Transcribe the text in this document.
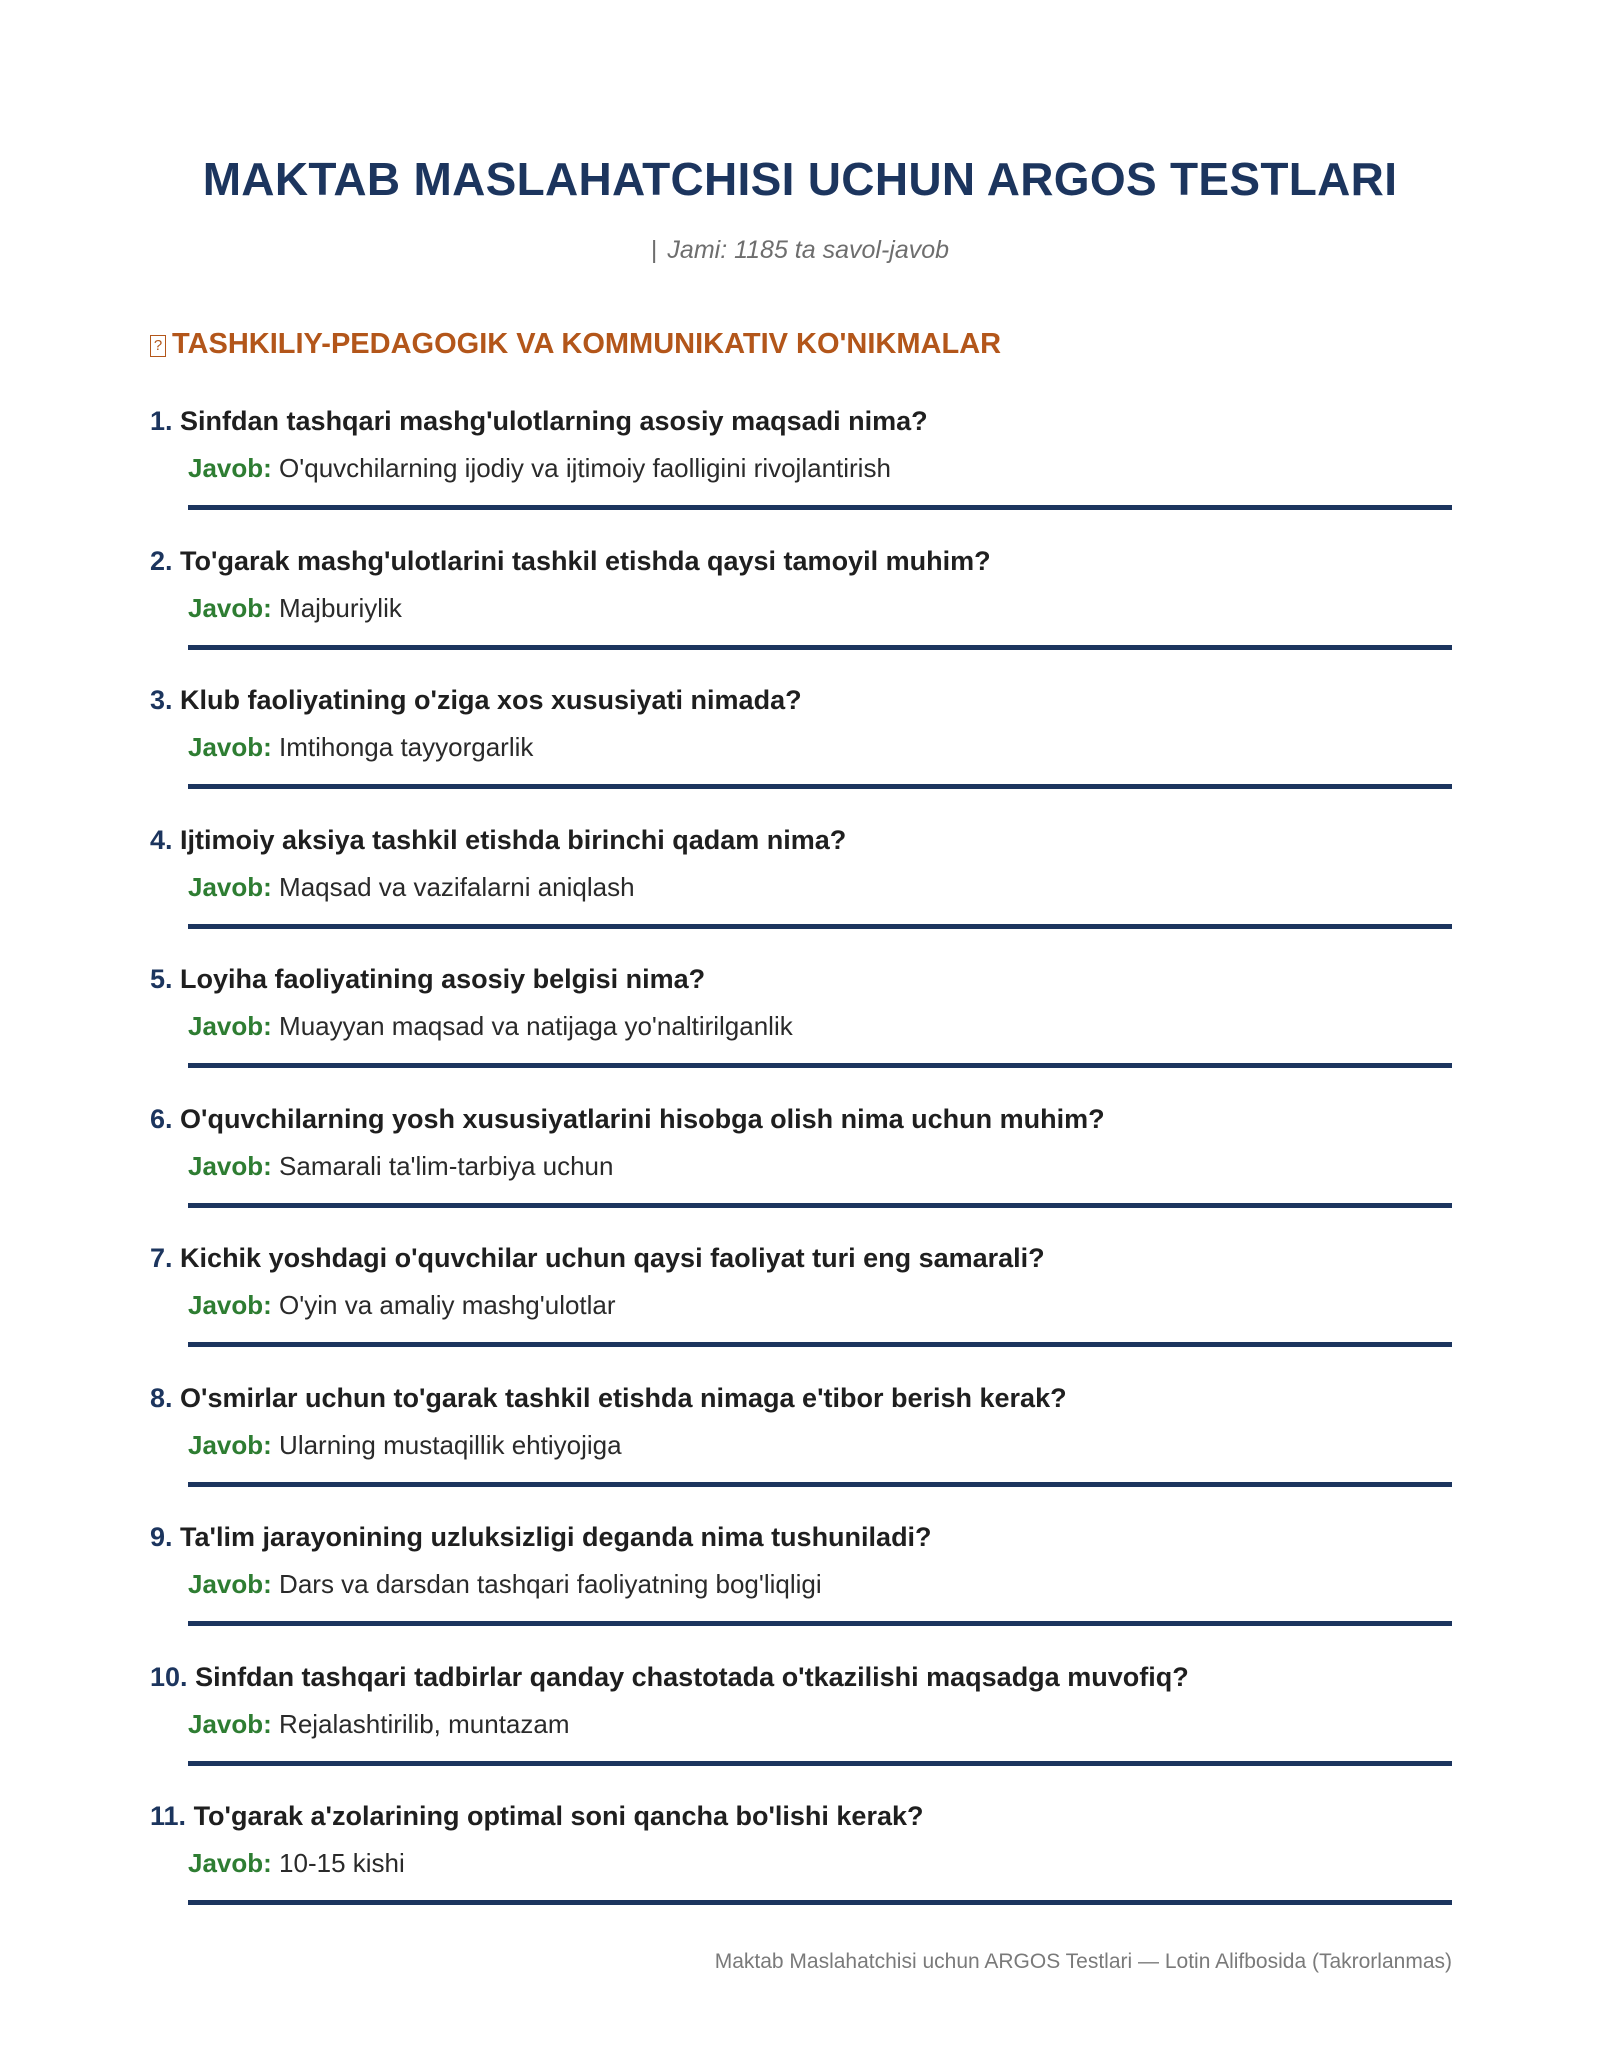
MAKTAB MASLAHATCHISI UCHUN ARGOS TESTLARI
| Jami: 1185 ta savol-javob
? TASHKILIY-PEDAGOGIK VA KOMMUNIKATIV KO'NIKMALAR
1. Sinfdan tashqari mashg'ulotlarning asosiy maqsadi nima?
Javob: O'quvchilarning ijodiy va ijtimoiy faolligini rivojlantirish
2. To'garak mashg'ulotlarini tashkil etishda qaysi tamoyil muhim?
Javob: Majburiylik
3. Klub faoliyatining o'ziga xos xususiyati nimada?
Javob: Imtihonga tayyorgarlik
4. Ijtimoiy aksiya tashkil etishda birinchi qadam nima?
Javob: Maqsad va vazifalarni aniqlash
5. Loyiha faoliyatining asosiy belgisi nima?
Javob: Muayyan maqsad va natijaga yo'naltirilganlik
6. O'quvchilarning yosh xususiyatlarini hisobga olish nima uchun muhim?
Javob: Samarali ta'lim-tarbiya uchun
7. Kichik yoshdagi o'quvchilar uchun qaysi faoliyat turi eng samarali?
Javob: O'yin va amaliy mashg'ulotlar
8. O'smirlar uchun to'garak tashkil etishda nimaga e'tibor berish kerak?
Javob: Ularning mustaqillik ehtiyojiga
9. Ta'lim jarayonining uzluksizligi deganda nima tushuniladi?
Javob: Dars va darsdan tashqari faoliyatning bog'liqligi
10. Sinfdan tashqari tadbirlar qanday chastotada o'tkazilishi maqsadga muvofiq?
Javob: Rejalashtirilib, muntazam
11. To'garak a'zolarining optimal soni qancha bo'lishi kerak?
Javob: 10-15 kishi
Maktab Maslahatchisi uchun ARGOS Testlari — Lotin Alifbosida (Takrorlanmas)
